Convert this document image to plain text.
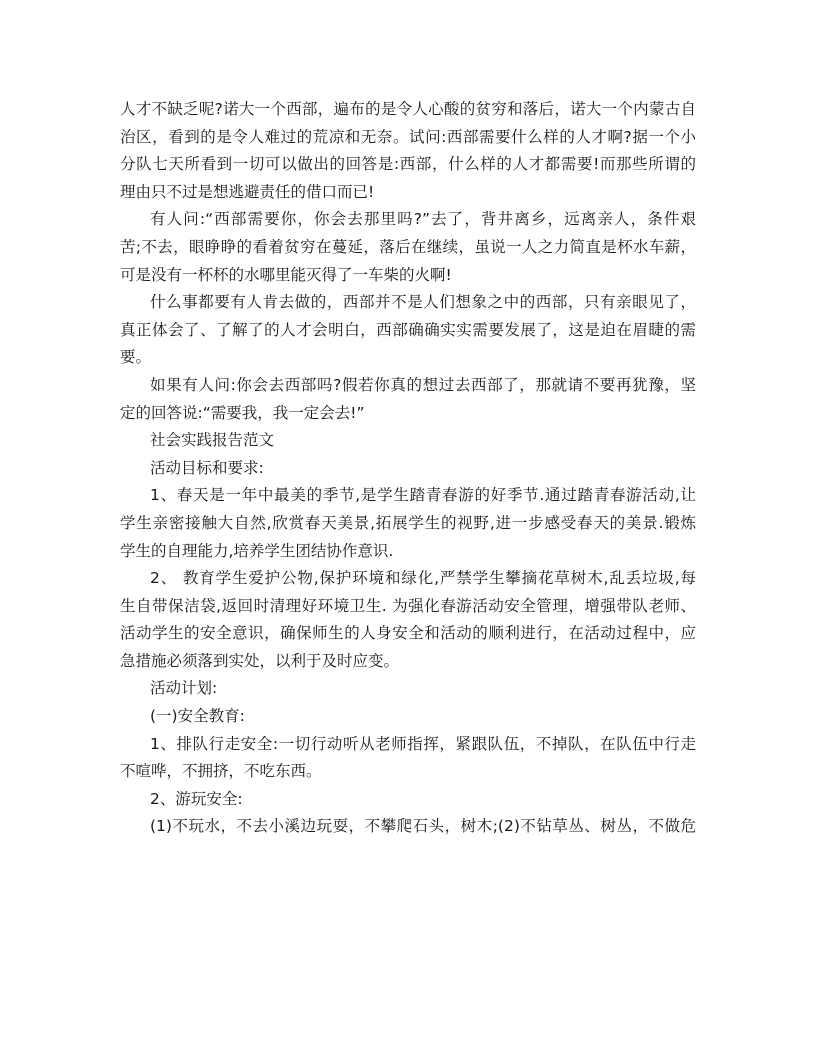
人才不缺乏呢?诺大一个西部，遍布的是令人心酸的贫穷和落后，诺大一个内蒙古自
治区，看到的是令人难过的荒凉和无奈。试问:西部需要什么样的人才啊?据一个小
分队七天所看到一切可以做出的回答是:西部，什么样的人才都需要!而那些所谓的
理由只不过是想逃避责任的借口而已!
有人问:“西部需要你，你会去那里吗?”去了，背井离乡，远离亲人，条件艰
苦;不去，眼睁睁的看着贫穷在蔓延，落后在继续，虽说一人之力简直是杯水车薪，
可是没有一杯杯的水哪里能灭得了一车柴的火啊!
什么事都要有人肯去做的，西部并不是人们想象之中的西部，只有亲眼见了，
真正体会了、了解了的人才会明白，西部确确实实需要发展了，这是迫在眉睫的需
要。
如果有人问:你会去西部吗?假若你真的想过去西部了，那就请不要再犹豫，坚
定的回答说:“需要我，我一定会去!”
社会实践报告范文
活动目标和要求:
1、春天是一年中最美的季节,是学生踏青春游的好季节.通过踏青春游活动,让
学生亲密接触大自然,欣赏春天美景,拓展学生的视野,进一步感受春天的美景.锻炼
学生的自理能力,培养学生团结协作意识.
2、 教育学生爱护公物,保护环境和绿化,严禁学生攀摘花草树木,乱丢垃圾,每
生自带保洁袋,返回时清理好环境卫生. 为强化春游活动安全管理，增强带队老师、
活动学生的安全意识，确保师生的人身安全和活动的顺利进行，在活动过程中，应
急措施必须落到实处，以利于及时应变。
活动计划:
(一)安全教育:
1、排队行走安全:一切行动听从老师指挥，紧跟队伍，不掉队，在队伍中行走
不喧哗，不拥挤，不吃东西。
2、游玩安全:
(1)不玩水，不去小溪边玩耍，不攀爬石头，树木;(2)不钻草丛、树丛，不做危
